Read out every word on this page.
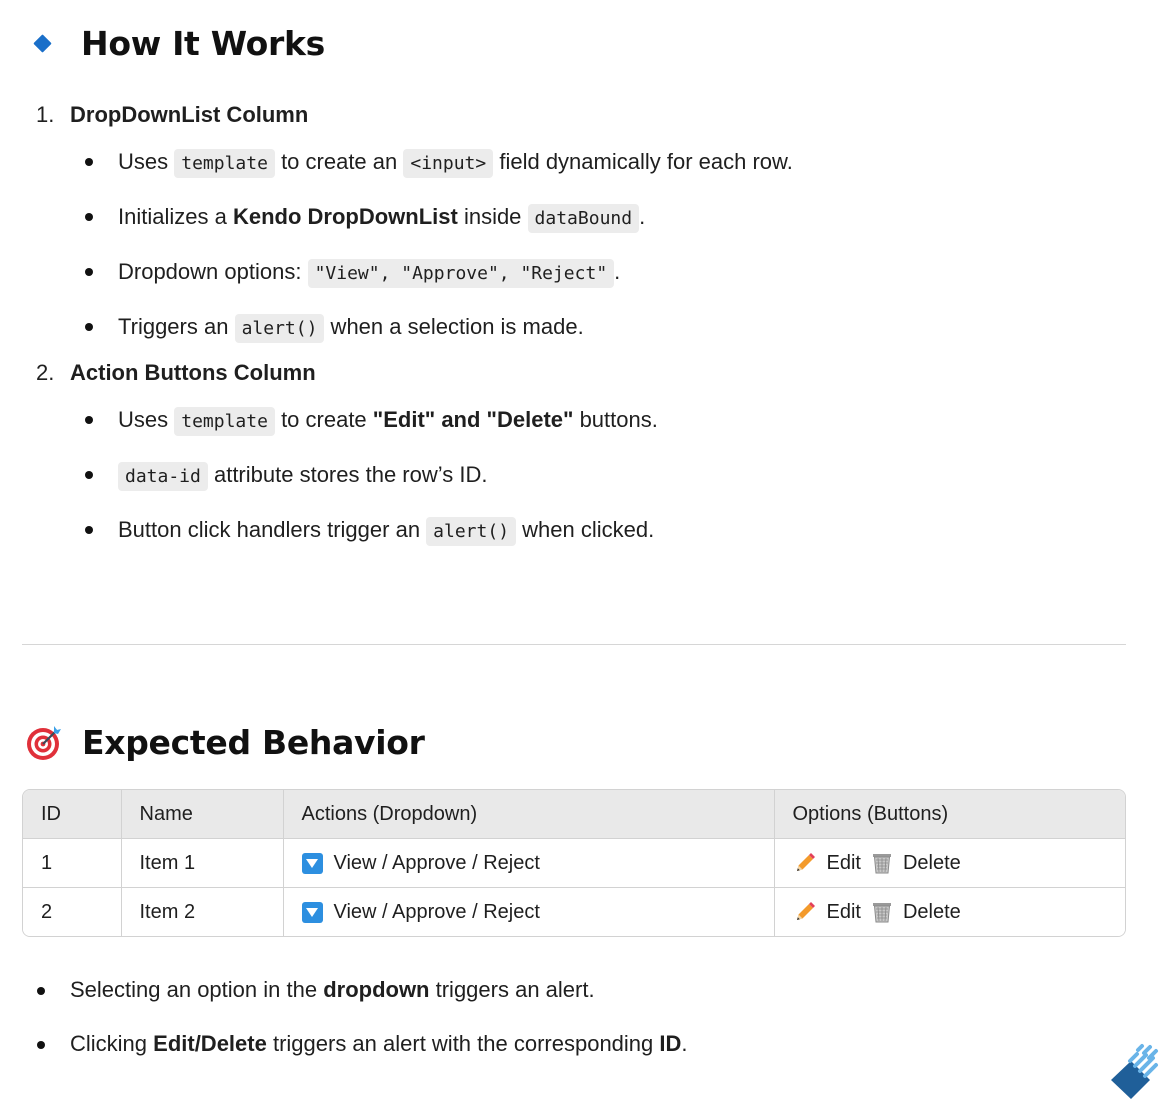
How It Works
1. DropDownList Column
Uses template to create an <input> field dynamically for each row.
Initializes a Kendo DropDownList inside dataBound .
Dropdown options: "View", "Approve", "Reject" .
Triggers an alert() when a selection is made.
2. Action Buttons Column
Uses template to create "Edit" and "Delete" buttons.
data-id attribute stores the row’s ID.
Button click handlers trigger an alert() when clicked.
Expected Behavior
ID	Name	Actions (Dropdown)	Options (Buttons)
1	Item 1	View / Approve / Reject	Edit Delete

2	Item 2	View / Approve / Reject	Edit Delete
Selecting an option in the dropdown triggers an alert.
Clicking Edit/Delete triggers an alert with the corresponding ID.
